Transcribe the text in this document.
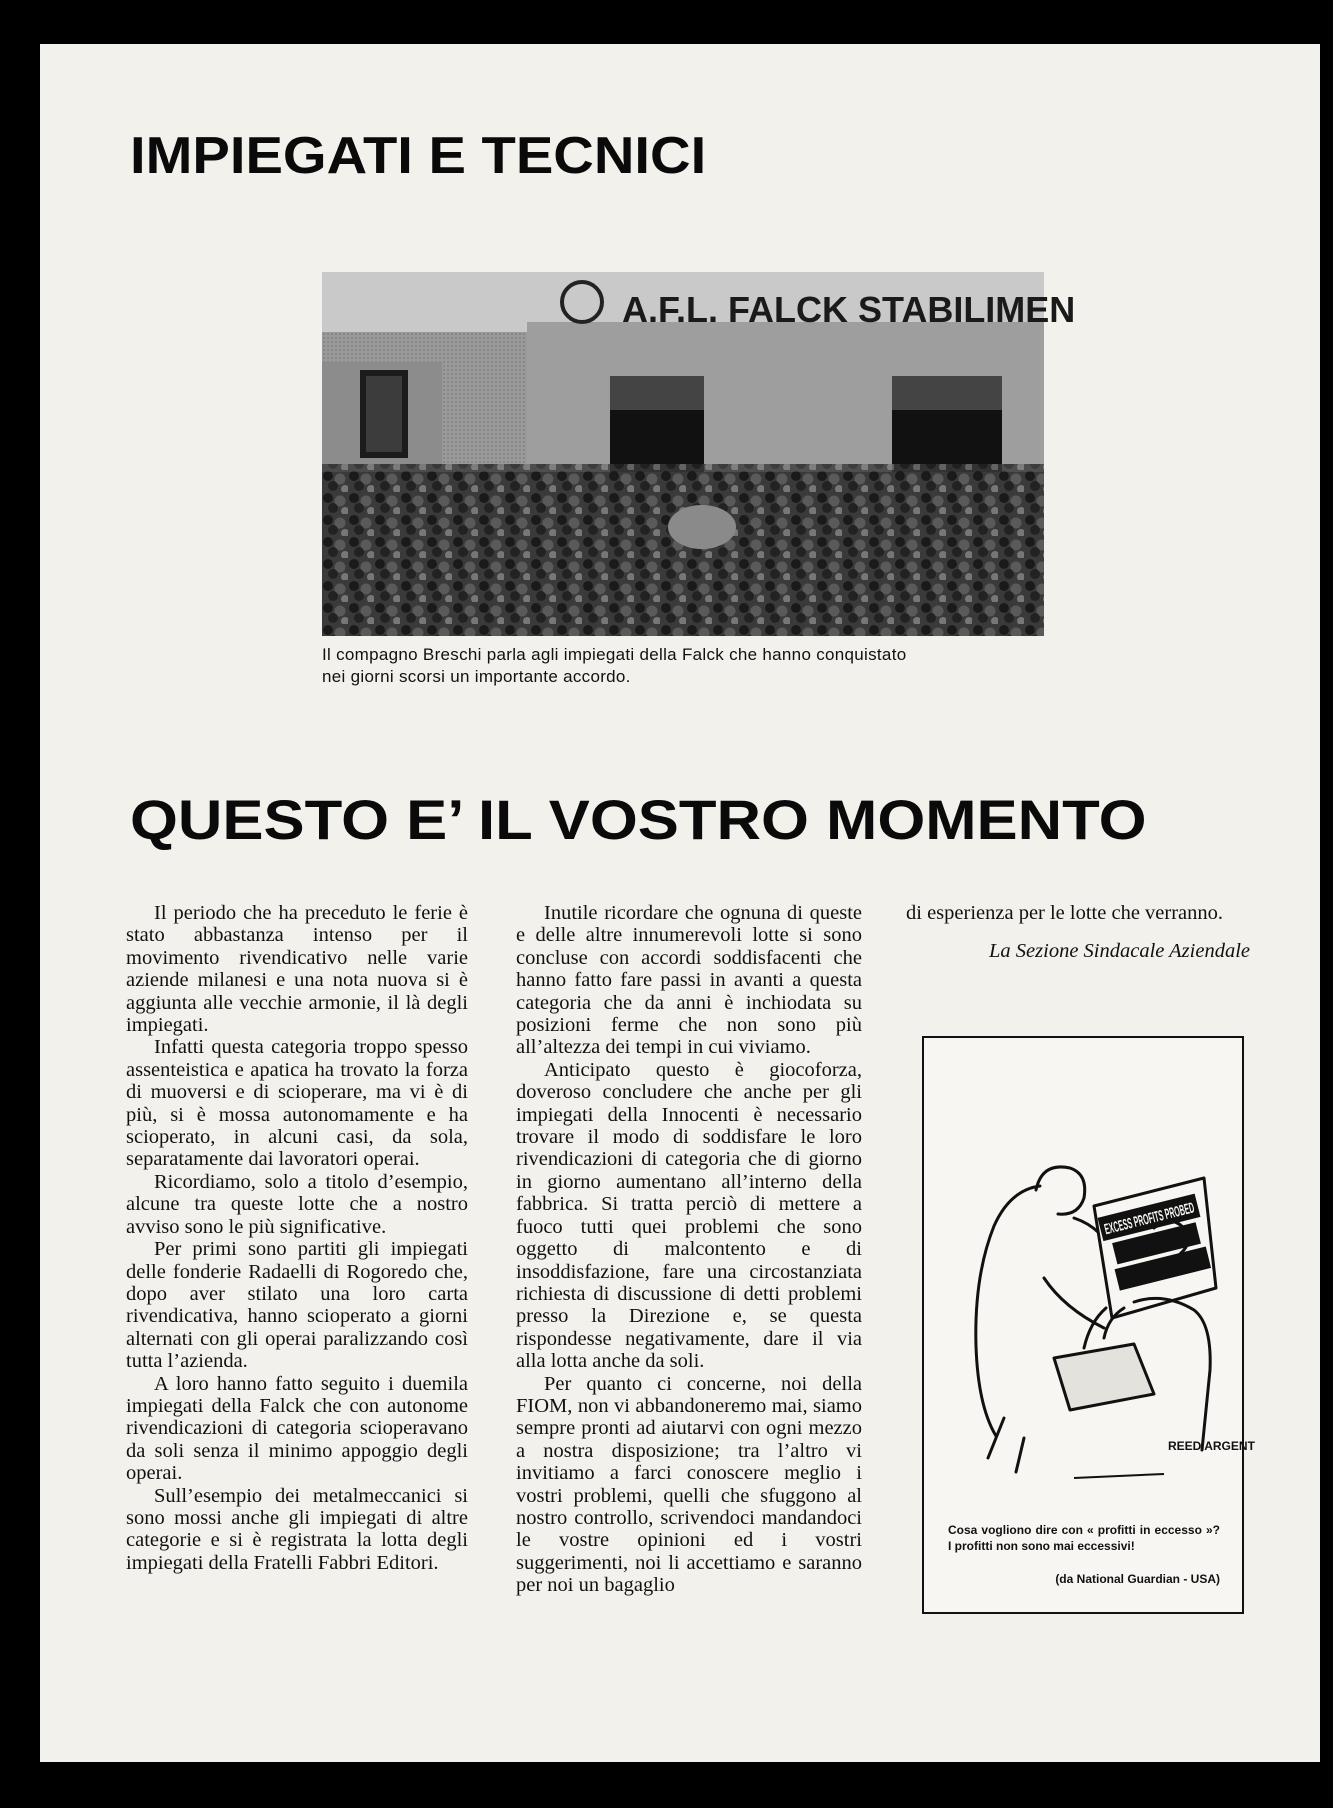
IMPIEGATI E TECNICI
A.F.L. FALCK STABILIMEN
Il compagno Breschi parla agli impiegati della Falck che hanno conquistato
nei giorni scorsi un importante accordo.
QUESTO E’ IL VOSTRO MOMENTO

Il periodo che ha preceduto le ferie è stato abbastanza intenso per il movimento rivendicativo nelle varie aziende milanesi e una nota nuova si è aggiunta alle vecchie armonie, il là degli impiegati.

Infatti questa categoria troppo spesso assenteistica e apatica ha trovato la forza di muoversi e di scioperare, ma vi è di più, si è mossa autonomamente e ha scioperato, in alcuni casi, da sola, separatamente dai lavoratori operai.

Ricordiamo, solo a titolo d’esempio, alcune tra queste lotte che a nostro avviso sono le più significative.

Per primi sono partiti gli impiegati delle fonderie Radaelli di Rogoredo che, dopo aver stilato una loro carta rivendicativa, hanno scioperato a giorni alternati con gli operai paralizzando così tutta l’azienda.

A loro hanno fatto seguito i duemila impiegati della Falck che con autonome rivendicazioni di categoria scioperavano da soli senza il minimo appoggio degli operai.

Sull’esempio dei metalmeccanici si sono mossi anche gli impiegati di altre categorie e si è registrata la lotta degli impiegati della Fratelli Fabbri Editori.

Inutile ricordare che ognuna di queste e delle altre innumerevoli lotte si sono concluse con accordi soddisfacenti che hanno fatto fare passi in avanti a questa categoria che da anni è inchiodata su posizioni ferme che non sono più all’altezza dei tempi in cui viviamo.

Anticipato questo è giocoforza, doveroso concludere che anche per gli impiegati della Innocenti è necessario trovare il modo di soddisfare le loro rivendicazioni di categoria che di giorno in giorno aumentano all’interno della fabbrica. Si tratta perciò di mettere a fuoco tutti quei problemi che sono oggetto di malcontento e di insoddisfazione, fare una circostanziata richiesta di discussione di detti problemi presso la Direzione e, se questa rispondesse negativamente, dare il via alla lotta anche da soli.

Per quanto ci concerne, noi della FIOM, non vi abbandoneremo mai, siamo sempre pronti ad aiutarvi con ogni mezzo a nostra disposizione; tra l’altro vi invitiamo a farci conoscere meglio i vostri problemi, quelli che sfuggono al nostro controllo, scrivendoci mandandoci le vostre opinioni ed i vostri suggerimenti, noi li accettiamo e saranno per noi un bagaglio

di esperienza per le lotte che verranno.

La Sezione Sindacale Aziendale

REED ARGENT
Cosa vogliono dire con « profitti in eccesso »? I profitti non sono mai eccessivi!
(da National Guardian - USA)
